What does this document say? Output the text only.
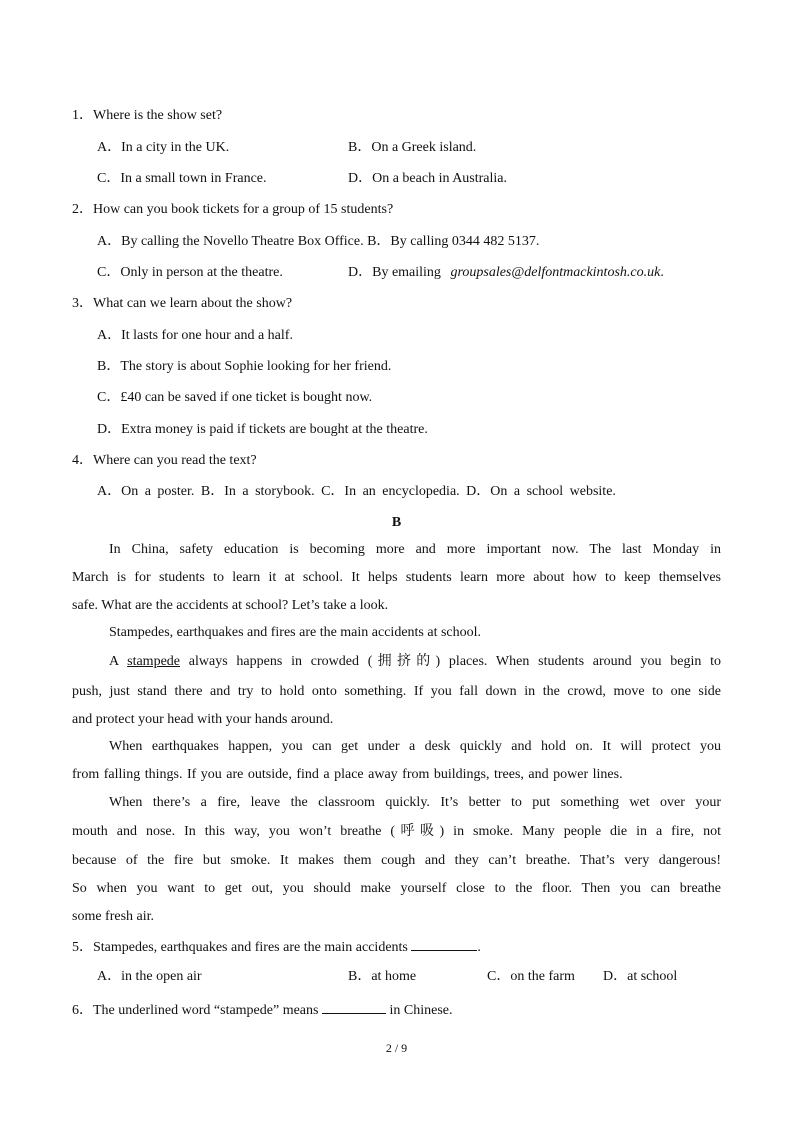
1．Where is the show set?
A．In a city in the UK.	B．On a Greek island.
C．In a small town in France.	D．On a beach in Australia.
2．How can you book tickets for a group of 15 students?
A．By calling the Novello Theatre Box Office. B．By calling 0344 482 5137.
C．Only in person at the theatre.	D．By emailing groupsales@delfontmackintosh.co.uk.
3．What can we learn about the show?
A．It lasts for one hour and a half.
B．The story is about Sophie looking for her friend.
C．£40 can be saved if one ticket is bought now.
D．Extra money is paid if tickets are bought at the theatre.
4．Where can you read the text?
A．On a poster. B．In a storybook. C．In an encyclopedia. D．On a school website.
B
In China, safety education is becoming more and more important now. The last Monday in
March is for students to learn it at school. It helps students learn more about how to keep themselves
safe. What are the accidents at school? Let’s take a look.
Stampedes, earthquakes and fires are the main accidents at school.
A stampede always happens in crowded (拥挤的) places. When students around you begin to
push, just stand there and try to hold onto something. If you fall down in the crowd, move to one side
and protect your head with your hands around.
When earthquakes happen, you can get under a desk quickly and hold on. It will protect you
from falling things. If you are outside, find a place away from buildings, trees, and power lines.
When there’s a fire, leave the classroom quickly. It’s better to put something wet over your
mouth and nose. In this way, you won’t breathe (呼吸) in smoke. Many people die in a fire, not
because of the fire but smoke. It makes them cough and they can’t breathe. That’s very dangerous!
So when you want to get out, you should make yourself close to the floor. Then you can breathe
some fresh air.
5．Stampedes, earthquakes and fires are the main accidents	.
A．in the open air	B．at home	C．on the farm D．at school
6．The underlined word “stampede” means	in Chinese.
2 / 9
